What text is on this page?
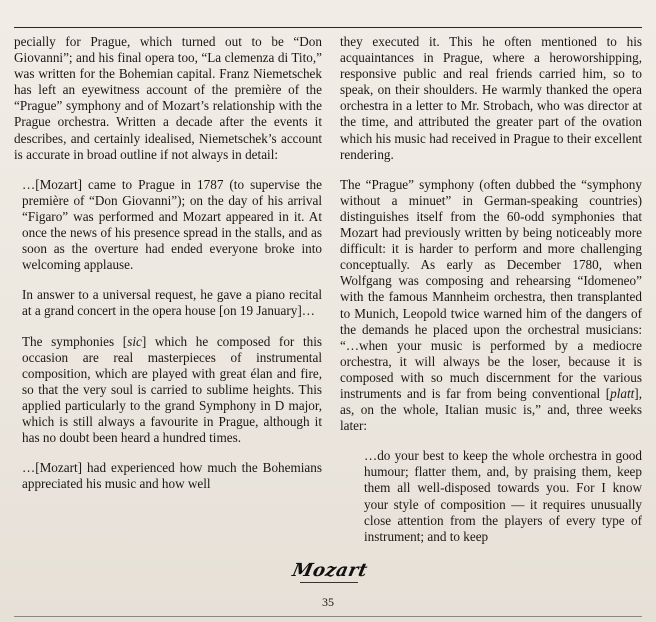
pecially for Prague, which turned out to be “Don Giovanni”; and his final opera too, “La clemenza di Tito,” was written for the Bohemian capital. Franz Niemetschek has left an eyewitness account of the première of the “Prague” symphony and of Mozart’s relationship with the Prague orchestra. Written a decade after the events it describes, and certainly idealised, Niemetschek’s account is accurate in broad outline if not always in detail:

…[Mozart] came to Prague in 1787 (to supervise the première of “Don Giovanni”); on the day of his arrival “Figaro” was performed and Mozart appeared in it. At once the news of his presence spread in the stalls, and as soon as the overture had ended everyone broke into welcoming applause.

In answer to a universal request, he gave a piano recital at a grand concert in the opera house [on 19 January]…

The symphonies [sic] which he composed for this occasion are real masterpieces of instrumental composition, which are played with great élan and fire, so that the very soul is carried to sublime heights. This applied particularly to the grand Symphony in D major, which is still always a favourite in Prague, although it has no doubt been heard a hundred times.

…[Mozart] had experienced how much the Bohemians appreciated his music and how well

they executed it. This he often mentioned to his acquaintances in Prague, where a heroworshipping, responsive public and real friends carried him, so to speak, on their shoulders. He warmly thanked the opera orchestra in a letter to Mr. Strobach, who was director at the time, and attributed the greater part of the ovation which his music had received in Prague to their excellent rendering.

The “Prague” symphony (often dubbed the “symphony without a minuet” in German-speaking countries) distinguishes itself from the 60-odd symphonies that Mozart had previously written by being noticeably more difficult: it is harder to perform and more challenging conceptually. As early as December 1780, when Wolfgang was composing and rehearsing “Idomeneo” with the famous Mannheim orchestra, then transplanted to Munich, Leopold twice warned him of the dangers of the demands he placed upon the orchestral musicians: “…when your music is performed by a mediocre orchestra, it will always be the loser, because it is composed with so much discernment for the various instruments and is far from being conventional [platt], as, on the whole, Italian music is,” and, three weeks later:

…do your best to keep the whole orchestra in good humour; flatter them, and, by praising them, keep them all well-disposed towards you. For I know your style of composition — it requires unusually close attention from the players of every type of instrument; and to keep

Mozart
35
